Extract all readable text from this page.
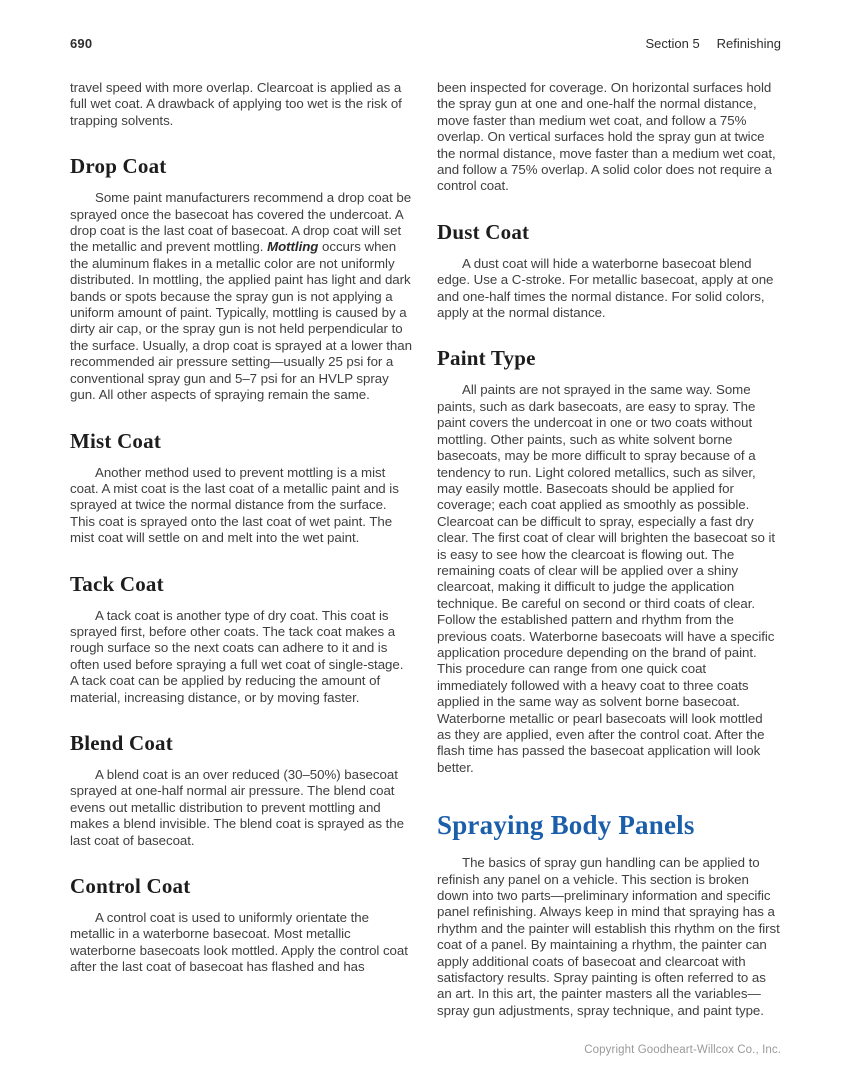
690	Section 5 Refinishing

travel speed with more overlap. Clearcoat is applied as a full wet coat. A drawback of applying too wet is the risk of trapping solvents.

Drop Coat

Some paint manufacturers recommend a drop coat be sprayed once the basecoat has covered the undercoat. A drop coat is the last coat of basecoat. A drop coat will set the metallic and prevent mottling. Mottling occurs when the aluminum flakes in a metallic color are not uniformly distributed. In mottling, the applied paint has light and dark bands or spots because the spray gun is not applying a uniform amount of paint. Typically, mottling is caused by a dirty air cap, or the spray gun is not held perpendicular to the surface. Usually, a drop coat is sprayed at a lower than recommended air pressure setting—usually 25 psi for a conventional spray gun and 5–7 psi for an HVLP spray gun. All other aspects of spraying remain the same.

Mist Coat

Another method used to prevent mottling is a mist coat. A mist coat is the last coat of a metallic paint and is sprayed at twice the normal distance from the surface. This coat is sprayed onto the last coat of wet paint. The mist coat will settle on and melt into the wet paint.

Tack Coat

A tack coat is another type of dry coat. This coat is sprayed first, before other coats. The tack coat makes a rough surface so the next coats can adhere to it and is often used before spraying a full wet coat of single-stage. A tack coat can be applied by reducing the amount of material, increasing distance, or by moving faster.

Blend Coat

A blend coat is an over reduced (30–50%) basecoat sprayed at one-half normal air pressure. The blend coat evens out metallic distribution to prevent mottling and makes a blend invisible. The blend coat is sprayed as the last coat of basecoat.

Control Coat

A control coat is used to uniformly orientate the metallic in a waterborne basecoat. Most metallic waterborne basecoats look mottled. Apply the control coat after the last coat of basecoat has flashed and has

been inspected for coverage. On horizontal surfaces hold the spray gun at one and one-half the normal distance, move faster than medium wet coat, and follow a 75% overlap. On vertical surfaces hold the spray gun at twice the normal distance, move faster than a medium wet coat, and follow a 75% overlap. A solid color does not require a control coat.

Dust Coat

A dust coat will hide a waterborne basecoat blend edge. Use a C-stroke. For metallic basecoat, apply at one and one-half times the normal distance. For solid colors, apply at the normal distance.

Paint Type

All paints are not sprayed in the same way. Some paints, such as dark basecoats, are easy to spray. The paint covers the undercoat in one or two coats without mottling. Other paints, such as white solvent borne basecoats, may be more difficult to spray because of a tendency to run. Light colored metallics, such as silver, may easily mottle. Basecoats should be applied for coverage; each coat applied as smoothly as possible. Clearcoat can be difficult to spray, especially a fast dry clear. The first coat of clear will brighten the basecoat so it is easy to see how the clearcoat is flowing out. The remaining coats of clear will be applied over a shiny clearcoat, making it difficult to judge the application technique. Be careful on second or third coats of clear. Follow the established pattern and rhythm from the previous coats. Waterborne basecoats will have a specific application procedure depending on the brand of paint. This procedure can range from one quick coat immediately followed with a heavy coat to three coats applied in the same way as solvent borne basecoat. Waterborne metallic or pearl basecoats will look mottled as they are applied, even after the control coat. After the flash time has passed the basecoat application will look better.

Spraying Body Panels

The basics of spray gun handling can be applied to refinish any panel on a vehicle. This section is broken down into two parts—preliminary information and specific panel refinishing. Always keep in mind that spraying has a rhythm and the painter will establish this rhythm on the first coat of a panel. By maintaining a rhythm, the painter can apply additional coats of basecoat and clearcoat with satisfactory results. Spray painting is often referred to as an art. In this art, the painter masters all the variables—spray gun adjustments, spray technique, and paint type.

Copyright Goodheart-Willcox Co., Inc.
